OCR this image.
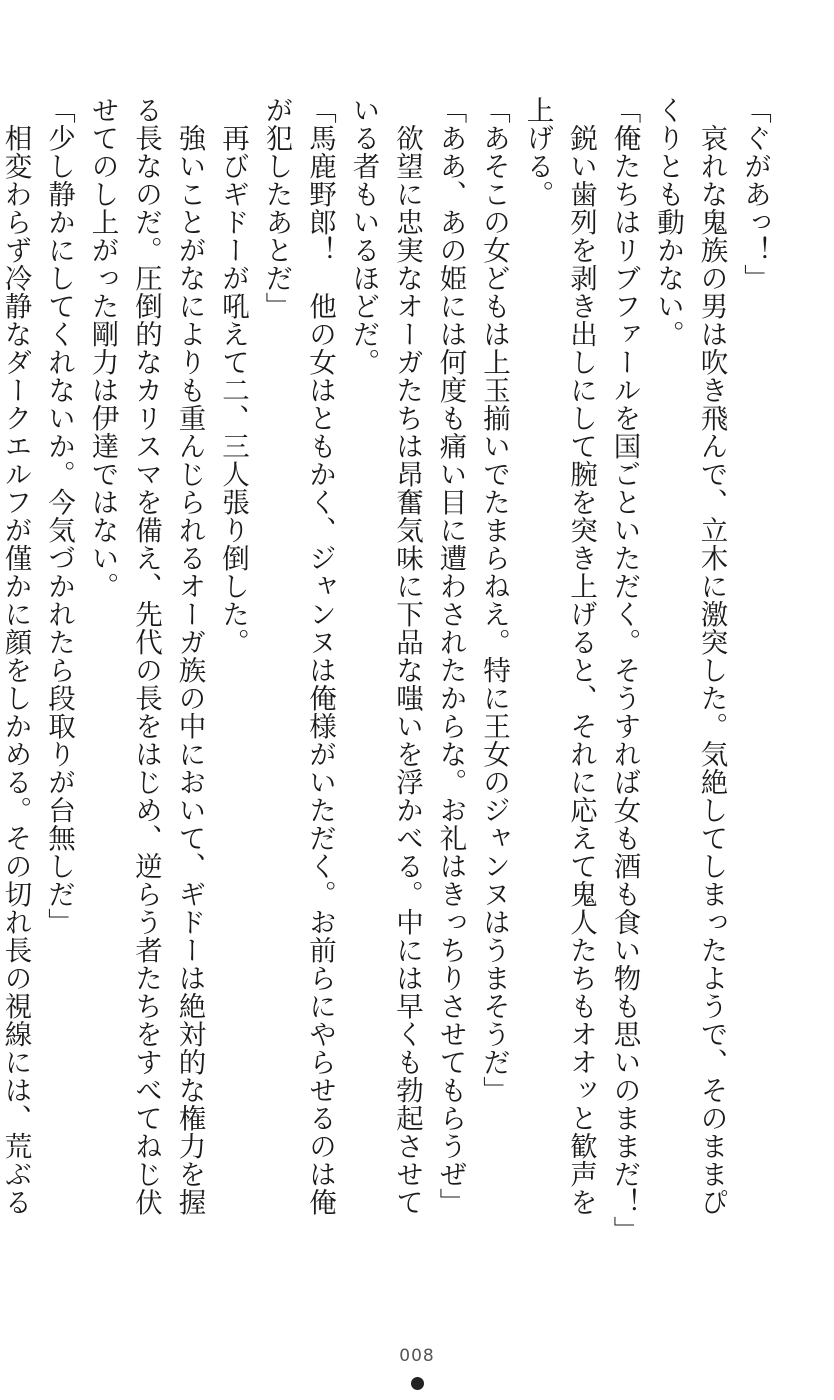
「ぐがあっ！」

哀れな鬼族の男は吹き飛んで、立木に激突した。気絶してしまったようで、そのままぴ

くりとも動かない。

「俺たちはリブファールを国ごといただく。そうすれば女も酒も食い物も思いのままだ！」

鋭い歯列を剥き出しにして腕を突き上げると、それに応えて鬼人たちもオオッと歓声を

上げる。

「あそこの女どもは上玉揃いでたまらねえ。特に王女のジャンヌはうまそうだ」

「ああ、あの姫には何度も痛い目に遭わされたからな。お礼はきっちりさせてもらうぜ」

欲望に忠実なオーガたちは昂奮気味に下品な嗤いを浮かべる。中には早くも勃起させて

いる者もいるほどだ。

「馬鹿野郎！　他の女はともかく、ジャンヌは俺様がいただく。お前らにやらせるのは俺

が犯したあとだ」

再びギドーが吼えて二、三人張り倒した。

強いことがなによりも重んじられるオーガ族の中において、ギドーは絶対的な権力を握

る長なのだ。圧倒的なカリスマを備え、先代の長をはじめ、逆らう者たちをすべてねじ伏

せてのし上がった剛力は伊達ではない。

「少し静かにしてくれないか。今気づかれたら段取りが台無しだ」

相変わらず冷静なダークエルフが僅かに顔をしかめる。その切れ長の視線には、荒ぶる

008
